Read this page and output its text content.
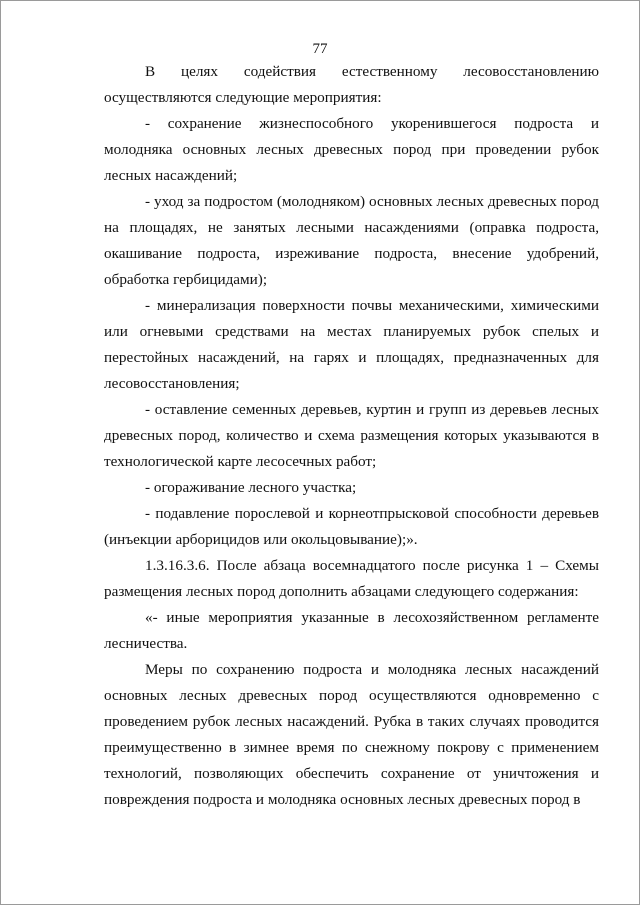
77

В целях содействия естественному лесовосстановлению осуществляются следующие мероприятия:

- сохранение жизнеспособного укоренившегося подроста и молодняка основных лесных древесных пород при проведении рубок лесных насаждений;

- уход за подростом (молодняком) основных лесных древесных пород на площадях, не занятых лесными насаждениями (оправка подроста, окашивание подроста, изреживание подроста, внесение удобрений, обработка гербицидами);

- минерализация поверхности почвы механическими, химическими или огневыми средствами на местах планируемых рубок спелых и перестойных насаждений, на гарях и площадях, предназначенных для лесовосстановления;

- оставление семенных деревьев, куртин и групп из деревьев лесных древесных пород, количество и схема размещения которых указываются в технологической карте лесосечных работ;

- огораживание лесного участка;

- подавление порослевой и корнеотпрысковой способности деревьев (инъекции арборицидов или окольцовывание);».

1.3.16.3.6. После абзаца восемнадцатого после рисунка 1 – Схемы размещения лесных пород дополнить абзацами следующего содержания:

«- иные мероприятия указанные в лесохозяйственном регламенте лесничества.

Меры по сохранению подроста и молодняка лесных насаждений основных лесных древесных пород осуществляются одновременно с проведением рубок лесных насаждений. Рубка в таких случаях проводится преимущественно в зимнее время по снежному покрову с применением технологий, позволяющих обеспечить сохранение от уничтожения и повреждения подроста и молодняка основных лесных древесных пород в
